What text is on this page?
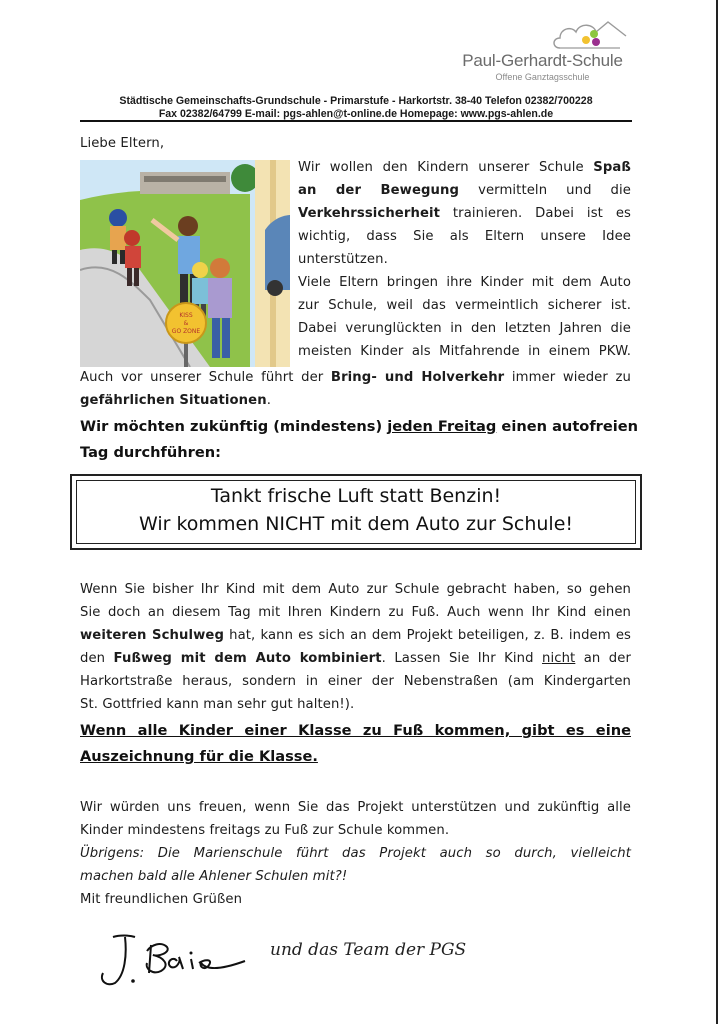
Paul-Gerhardt-Schule
Offene Ganztagsschule
Städtische Gemeinschafts-Grundschule - Primarstufe - Harkortstr. 38-40 Telefon 02382/700228
Fax 02382/64799 E-mail: pgs-ahlen@t-online.de Homepage: www.pgs-ahlen.de
Liebe Eltern,
KISS
&
GO ZONE
Wir wollen den Kindern unserer Schule Spaß
an der Bewegung vermitteln und die
Verkehrssicherheit trainieren. Dabei ist es
wichtig, dass Sie als Eltern unsere Idee
unterstützen.
Viele Eltern bringen ihre Kinder mit dem Auto
zur Schule, weil das vermeintlich sicherer ist.
Dabei verunglückten in den letzten Jahren die
meisten Kinder als Mitfahrende in einem PKW.
Auch vor unserer Schule führt der Bring- und Holverkehr immer wieder zu
gefährlichen Situationen.
Wir möchten zukünftig (mindestens) jeden Freitag einen autofreien
Tag durchführen:
Tankt frische Luft statt Benzin!
Wir kommen NICHT mit dem Auto zur Schule!
Wenn Sie bisher Ihr Kind mit dem Auto zur Schule gebracht haben, so gehen
Sie doch an diesem Tag mit Ihren Kindern zu Fuß. Auch wenn Ihr Kind einen
weiteren Schulweg hat, kann es sich an dem Projekt beteiligen, z. B. indem es
den Fußweg mit dem Auto kombiniert. Lassen Sie Ihr Kind nicht an der
Harkortstraße heraus, sondern in einer der Nebenstraßen (am Kindergarten
St. Gottfried kann man sehr gut halten!).
Wenn alle Kinder einer Klasse zu Fuß kommen, gibt es eine
Auszeichnung für die Klasse.
Wir würden uns freuen, wenn Sie das Projekt unterstützen und zukünftig alle
Kinder mindestens freitags zu Fuß zur Schule kommen.
Übrigens: Die Marienschule führt das Projekt auch so durch, vielleicht
machen bald alle Ahlener Schulen mit?!
Mit freundlichen Grüßen
und das Team der PGS
